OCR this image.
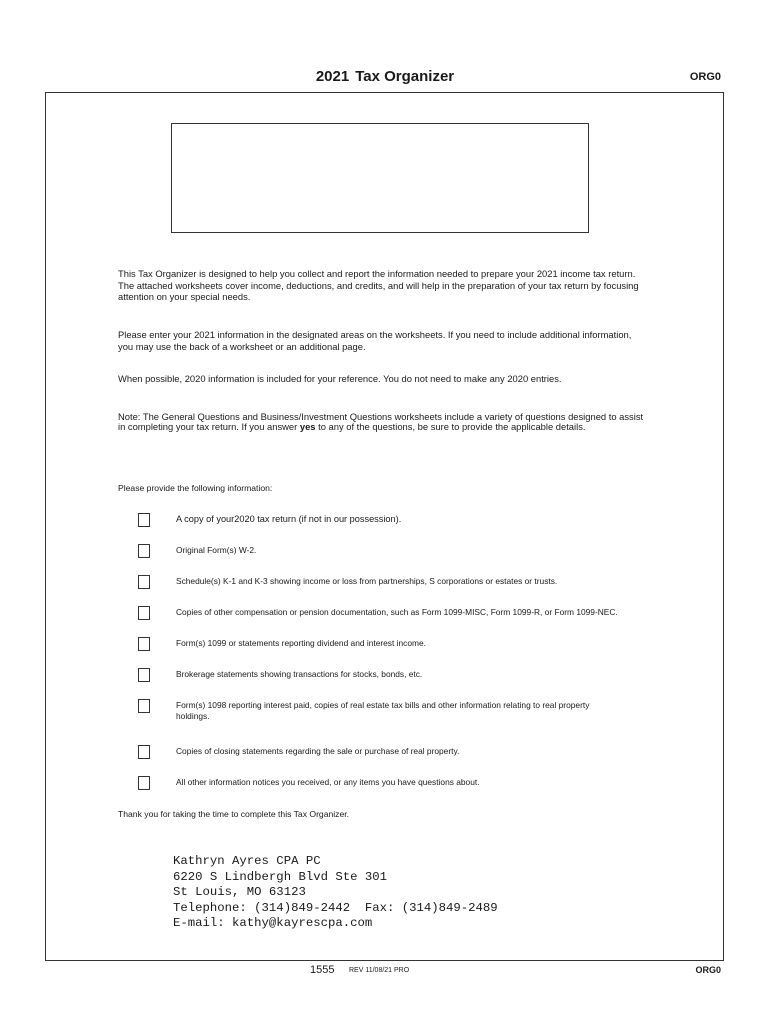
2021 Tax Organizer	ORG0
This Tax Organizer is designed to help you collect and report the information needed to prepare your 2021 income tax return. The attached worksheets cover income, deductions, and credits, and will help in the preparation of your tax return by focusing attention on your special needs.
Please enter your 2021 information in the designated areas on the worksheets. If you need to include additional information, you may use the back of a worksheet or an additional page.
When possible, 2020 information is included for your reference. You do not need to make any 2020 entries.
Note: The General Questions and Business/Investment Questions worksheets include a variety of questions designed to assist in completing your tax return. If you answer yes to any of the questions, be sure to provide the applicable details.
Please provide the following information:
A copy of your2020 tax return (if not in our possession).
Original Form(s) W-2.
Schedule(s) K-1 and K-3 showing income or loss from partnerships, S corporations or estates or trusts.
Copies of other compensation or pension documentation, such as Form 1099-MISC, Form 1099-R, or Form 1099-NEC.
Form(s) 1099 or statements reporting dividend and interest income.
Brokerage statements showing transactions for stocks, bonds, etc.
Form(s) 1098 reporting interest paid, copies of real estate tax bills and other information relating to real property holdings.
Copies of closing statements regarding the sale or purchase of real property.
All other information notices you received, or any items you have questions about.
Thank you for taking the time to complete this Tax Organizer.
Kathryn Ayres CPA PC
6220 S Lindbergh Blvd Ste 301
St Louis, MO 63123
Telephone: (314)849-2442  Fax: (314)849-2489
E-mail: kathy@kayrescpa.com
1555 REV 11/08/21 PRO	ORG0
